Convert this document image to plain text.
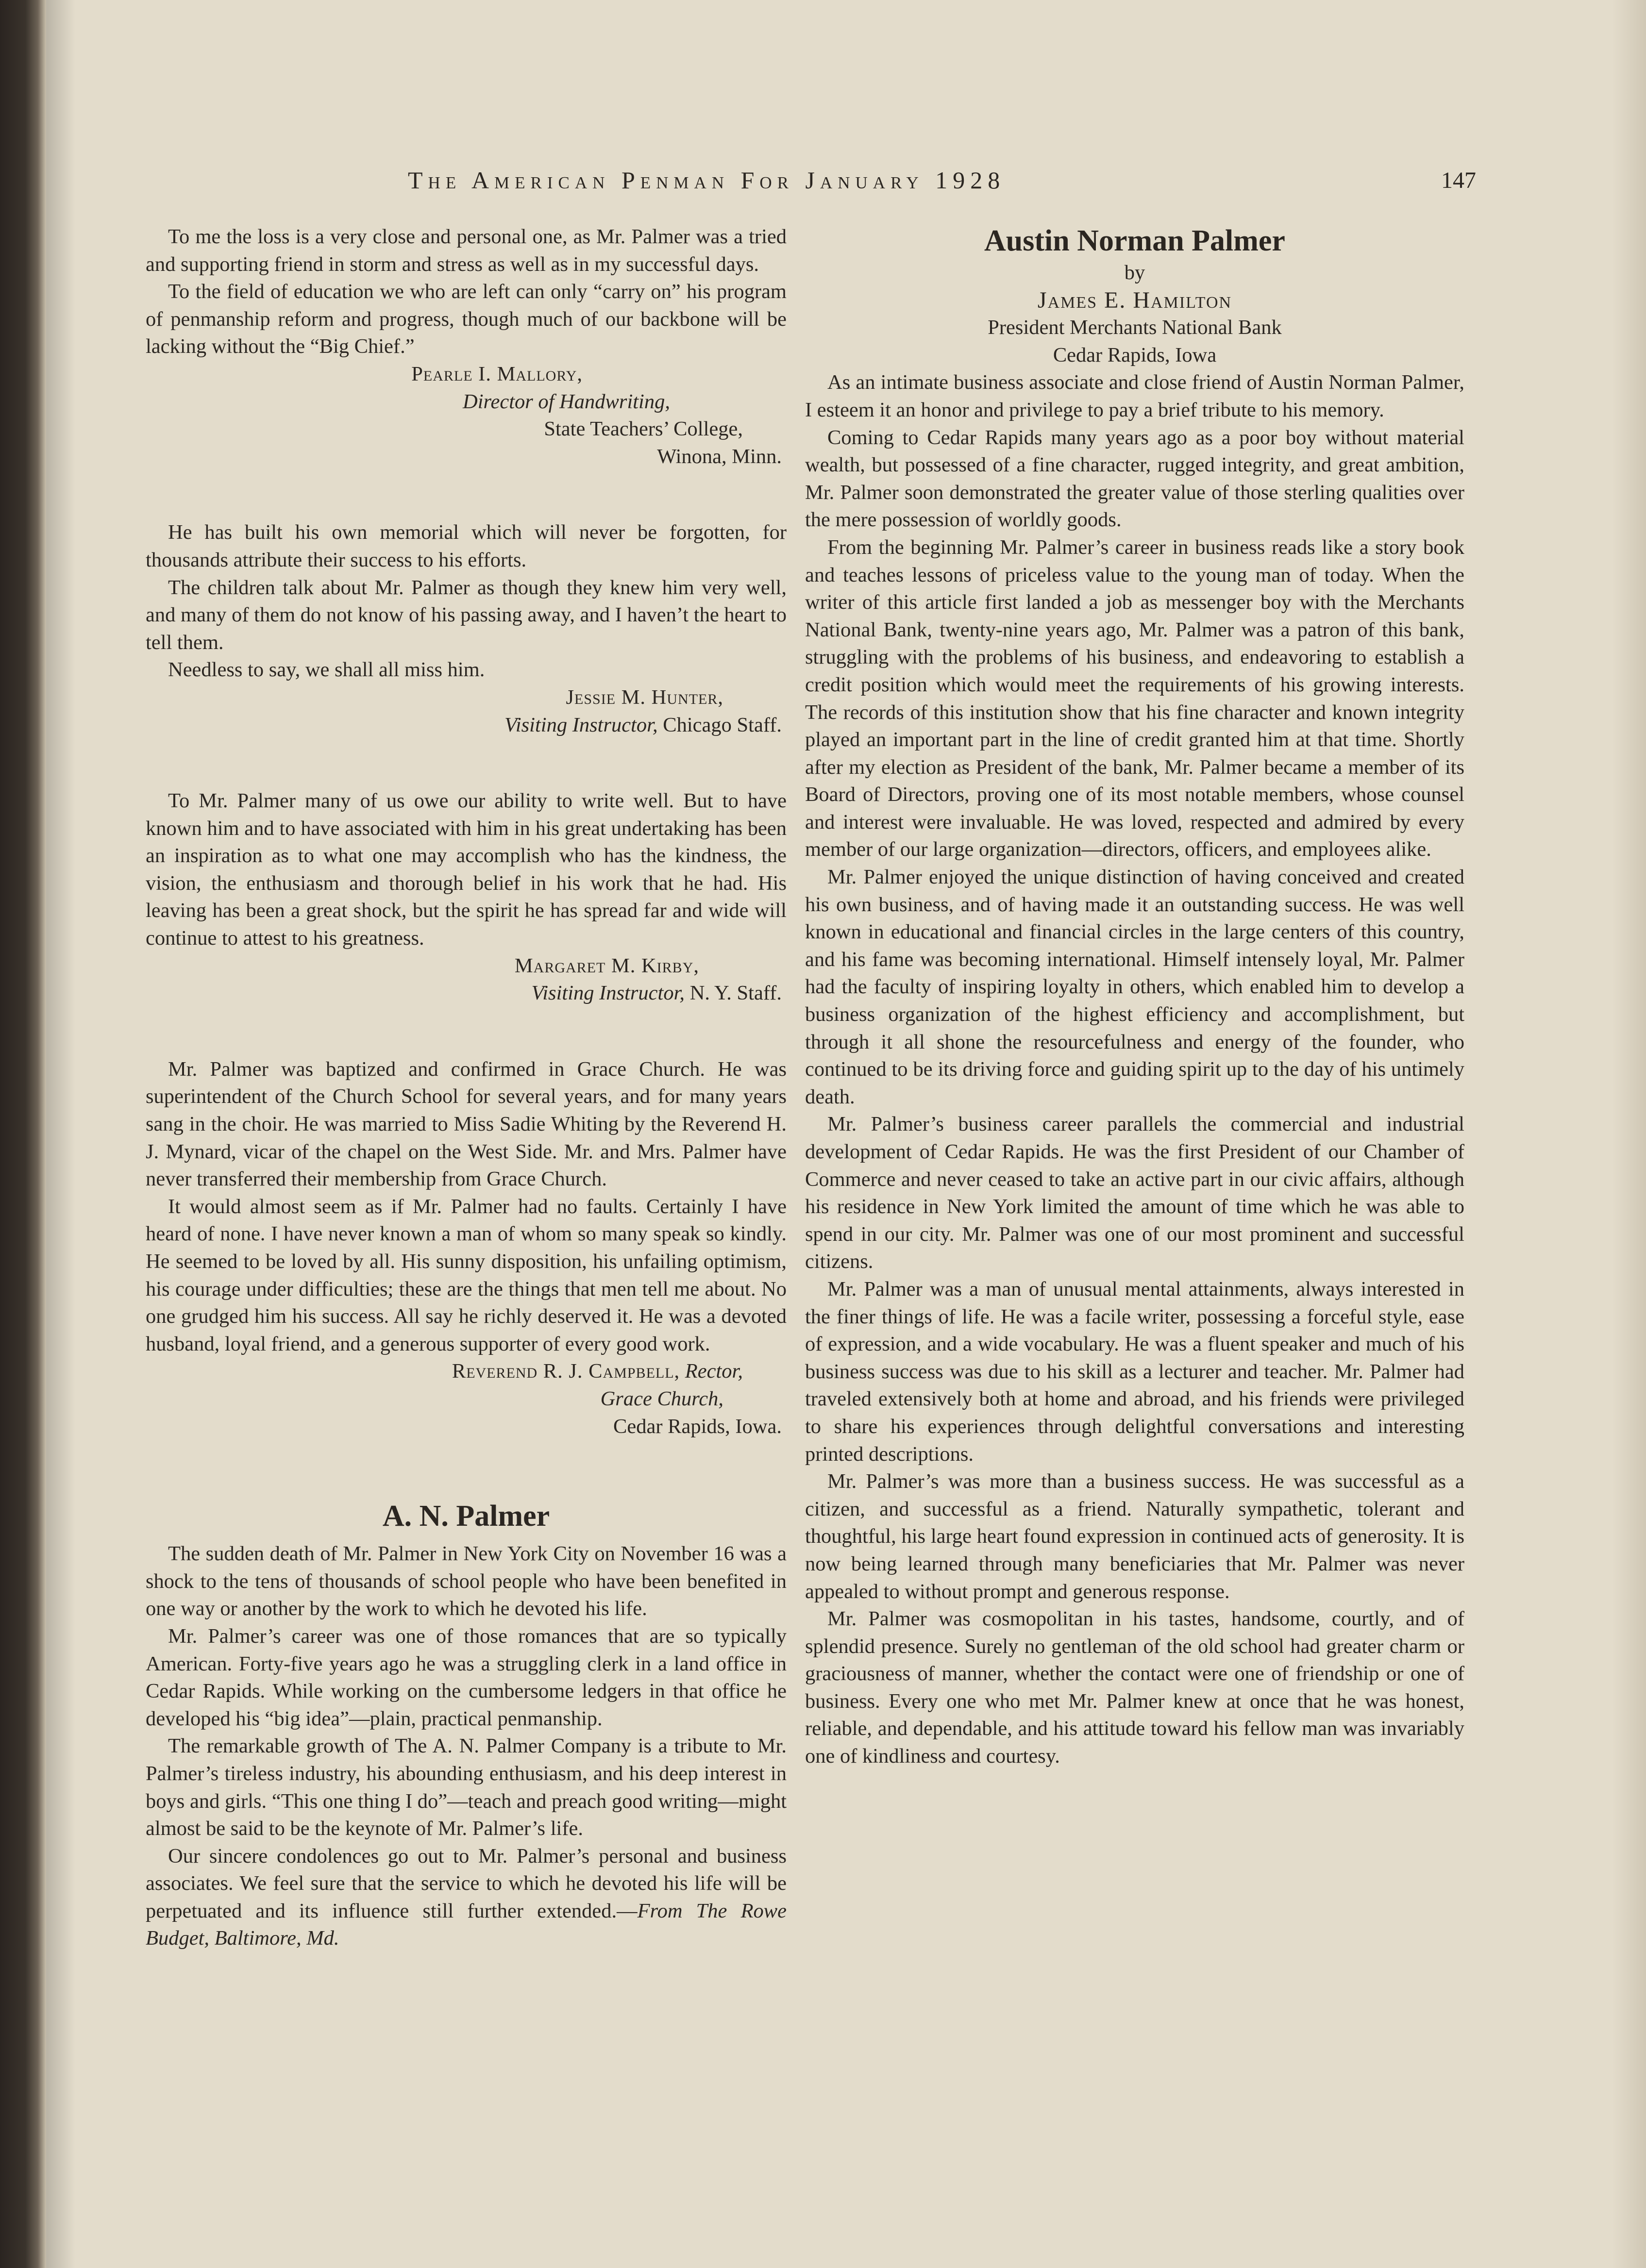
The American Penman For January 1928	147

To me the loss is a very close and personal one, as Mr. Palmer was a tried and supporting friend in storm and stress as well as in my successful days.

To the field of education we who are left can only “carry on” his program of penmanship reform and progress, though much of our backbone will be lacking without the “Big Chief.”

Pearle I. Mallory,

Director of Handwriting,

State Teachers’ College,

Winona, Minn.

He has built his own memorial which will never be forgotten, for thousands attribute their success to his efforts.

The children talk about Mr. Palmer as though they knew him very well, and many of them do not know of his passing away, and I haven’t the heart to tell them.

Needless to say, we shall all miss him.

Jessie M. Hunter,

Visiting Instructor, Chicago Staff.

To Mr. Palmer many of us owe our ability to write well. But to have known him and to have associated with him in his great undertaking has been an inspiration as to what one may accomplish who has the kindness, the vision, the enthusiasm and thorough belief in his work that he had. His leaving has been a great shock, but the spirit he has spread far and wide will continue to attest to his greatness.

Margaret M. Kirby,

Visiting Instructor, N. Y. Staff.

Mr. Palmer was baptized and confirmed in Grace Church. He was superintendent of the Church School for several years, and for many years sang in the choir. He was married to Miss Sadie Whiting by the Reverend H. J. Mynard, vicar of the chapel on the West Side. Mr. and Mrs. Palmer have never transferred their membership from Grace Church.

It would almost seem as if Mr. Palmer had no faults. Certainly I have heard of none. I have never known a man of whom so many speak so kindly. He seemed to be loved by all. His sunny disposition, his unfailing optimism, his courage under difficulties; these are the things that men tell me about. No one grudged him his success. All say he richly deserved it. He was a devoted husband, loyal friend, and a generous supporter of every good work.

Reverend R. J. Campbell, Rector,

Grace Church,

Cedar Rapids, Iowa.

A. N. Palmer

The sudden death of Mr. Palmer in New York City on November 16 was a shock to the tens of thousands of school people who have been benefited in one way or another by the work to which he devoted his life.

Mr. Palmer’s career was one of those romances that are so typically American. Forty-five years ago he was a struggling clerk in a land office in Cedar Rapids. While working on the cumbersome ledgers in that office he developed his “big idea”—plain, practical penmanship.

The remarkable growth of The A. N. Palmer Company is a tribute to Mr. Palmer’s tireless industry, his abounding enthusiasm, and his deep interest in boys and girls. “This one thing I do”—teach and preach good writing—might almost be said to be the keynote of Mr. Palmer’s life.

Our sincere condolences go out to Mr. Palmer’s personal and business associates. We feel sure that the service to which he devoted his life will be perpetuated and its influence still further extended.—From The Rowe Budget, Baltimore, Md.

Austin Norman Palmer

by

James E. Hamilton

President Merchants National Bank

Cedar Rapids, Iowa

As an intimate business associate and close friend of Austin Norman Palmer, I esteem it an honor and privilege to pay a brief tribute to his memory.

Coming to Cedar Rapids many years ago as a poor boy without material wealth, but possessed of a fine character, rugged integrity, and great ambition, Mr. Palmer soon demonstrated the greater value of those sterling qualities over the mere possession of worldly goods.

From the beginning Mr. Palmer’s career in business reads like a story book and teaches lessons of priceless value to the young man of today. When the writer of this article first landed a job as messenger boy with the Merchants National Bank, twenty-nine years ago, Mr. Palmer was a patron of this bank, struggling with the problems of his business, and endeavoring to establish a credit position which would meet the requirements of his growing interests. The records of this institution show that his fine character and known integrity played an important part in the line of credit granted him at that time. Shortly after my election as President of the bank, Mr. Palmer became a member of its Board of Directors, proving one of its most notable members, whose counsel and interest were invaluable. He was loved, respected and admired by every member of our large organization—directors, officers, and employees alike.

Mr. Palmer enjoyed the unique distinction of having conceived and created his own business, and of having made it an outstanding success. He was well known in educational and financial circles in the large centers of this country, and his fame was becoming international. Himself intensely loyal, Mr. Palmer had the faculty of inspiring loyalty in others, which enabled him to develop a business organization of the highest efficiency and accomplishment, but through it all shone the resourcefulness and energy of the founder, who continued to be its driving force and guiding spirit up to the day of his untimely death.

Mr. Palmer’s business career parallels the commercial and industrial development of Cedar Rapids. He was the first President of our Chamber of Commerce and never ceased to take an active part in our civic affairs, although his residence in New York limited the amount of time which he was able to spend in our city. Mr. Palmer was one of our most prominent and successful citizens.

Mr. Palmer was a man of unusual mental attainments, always interested in the finer things of life. He was a facile writer, possessing a forceful style, ease of expression, and a wide vocabulary. He was a fluent speaker and much of his business success was due to his skill as a lecturer and teacher. Mr. Palmer had traveled extensively both at home and abroad, and his friends were privileged to share his experiences through delightful conversations and interesting printed descriptions.

Mr. Palmer’s was more than a business success. He was successful as a citizen, and successful as a friend. Naturally sympathetic, tolerant and thoughtful, his large heart found expression in continued acts of generosity. It is now being learned through many beneficiaries that Mr. Palmer was never appealed to without prompt and generous response.

Mr. Palmer was cosmopolitan in his tastes, handsome, courtly, and of splendid presence. Surely no gentleman of the old school had greater charm or graciousness of manner, whether the contact were one of friendship or one of business. Every one who met Mr. Palmer knew at once that he was honest, reliable, and dependable, and his attitude toward his fellow man was invariably one of kindliness and courtesy.
